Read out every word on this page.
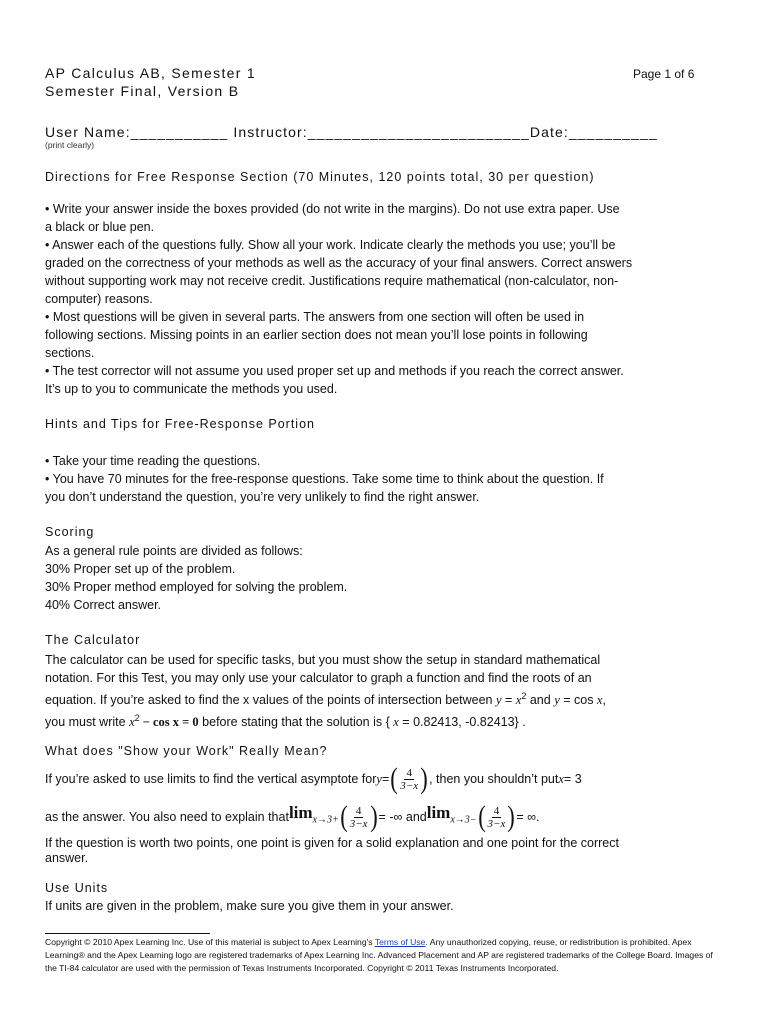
AP Calculus AB, Semester 1
Semester Final, Version B
Page 1 of 6
User Name:___________ Instructor:_________________________Date:__________
(print clearly)
Directions for Free Response Section (70 Minutes, 120 points total, 30 per question)
• Write your answer inside the boxes provided (do not write in the margins). Do not use extra paper. Use
a black or blue pen.
• Answer each of the questions fully. Show all your work. Indicate clearly the methods you use; you’ll be
graded on the correctness of your methods as well as the accuracy of your final answers. Correct answers
without supporting work may not receive credit. Justifications require mathematical (non-calculator, non-
computer) reasons.
• Most questions will be given in several parts. The answers from one section will often be used in
following sections. Missing points in an earlier section does not mean you’ll lose points in following
sections.
• The test corrector will not assume you used proper set up and methods if you reach the correct answer.
It’s up to you to communicate the methods you used.
Hints and Tips for Free-Response Portion
• Take your time reading the questions.
• You have 70 minutes for the free-response questions. Take some time to think about the question. If
you don’t understand the question, you’re very unlikely to find the right answer.
Scoring
As a general rule points are divided as follows:
30% Proper set up of the problem.
30% Proper method employed for solving the problem.
40% Correct answer.
The Calculator
The calculator can be used for specific tasks, but you must show the setup in standard mathematical
notation. For this Test, you may only use your calculator to graph a function and find the roots of an
equation. If you’re asked to find the x values of the points of intersection between $y = x^2$ and y = cos x,
you must write $x^2 - \cos x = 0$ before stating that the solution is { x = 0.82413, -0.82413} .
What does "Show your Work" Really Mean?
If you’re asked to use limits to find the vertical asymptote for y = ( $\frac{4}{3-x}$ ) , then you shouldn’t put x = 3
as the answer. You also need to explain that $\lim_{x\to 3+}$ ( $\frac{4}{3-x}$ ) = -∞ and $\lim_{x\to 3-}$ ( $\frac{4}{3-x}$ ) = ∞.
If the question is worth two points, one point is given for a solid explanation and one point for the correct
answer.
Use Units
If units are given in the problem, make sure you give them in your answer.
Copyright © 2010 Apex Learning Inc. Use of this material is subject to Apex Learning's Terms of Use. Any unauthorized copying, reuse, or redistribution is prohibited. Apex Learning® and the Apex Learning logo are registered trademarks of Apex Learning Inc. Advanced Placement and AP are registered trademarks of the College Board. Images of the TI-84 calculator are used with the permission of Texas Instruments Incorporated. Copyright © 2011 Texas Instruments Incorporated.
